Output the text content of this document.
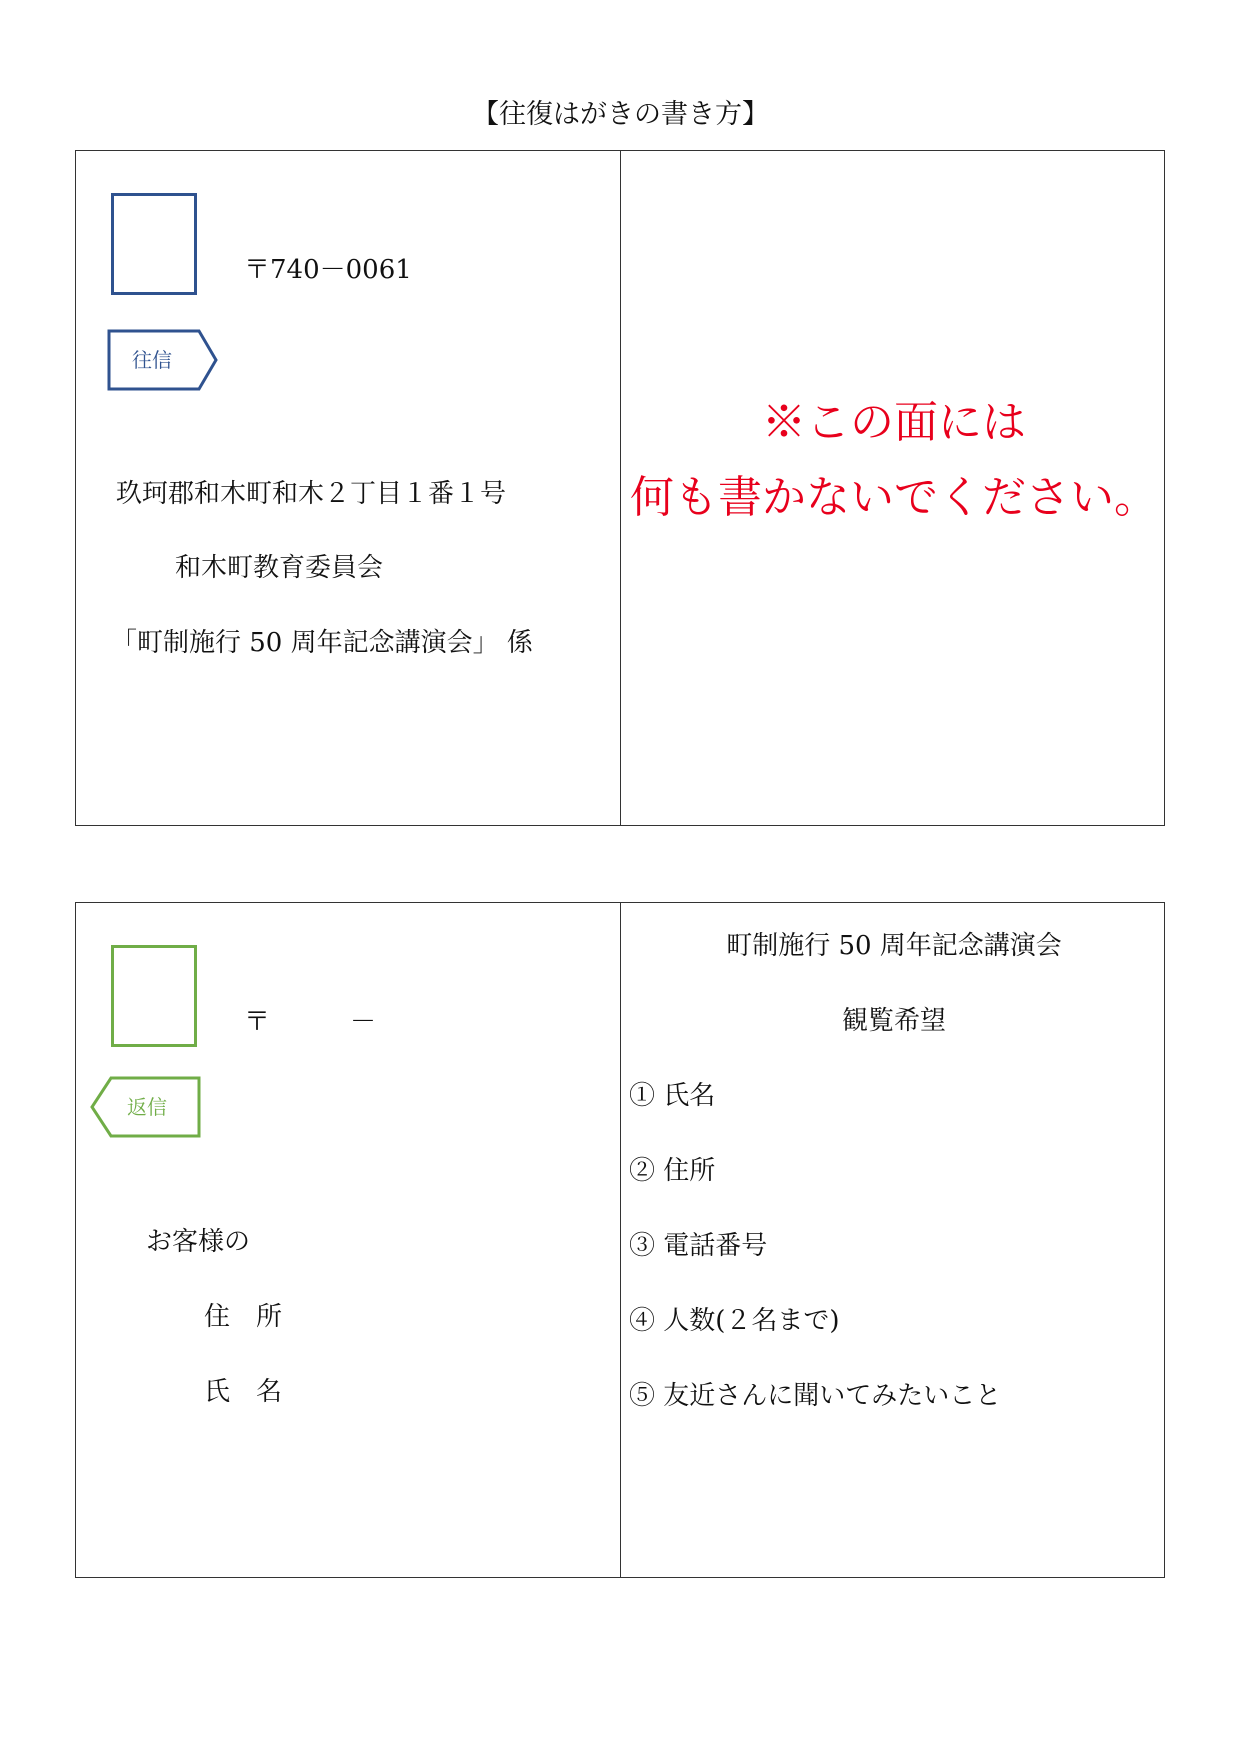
【往復はがきの書き方】
〒740－0061
往信
玖珂郡和木町和木２丁目１番１号
和木町教育委員会
「町制施行 50 周年記念講演会」 係
※この面には
何も書かないでください。
〒	－
返信
お客様の
住　所
氏　名
町制施行 50 周年記念講演会
観覧希望
① 氏名
② 住所
③ 電話番号
④ 人数(２名まで)
⑤ 友近さんに聞いてみたいこと
